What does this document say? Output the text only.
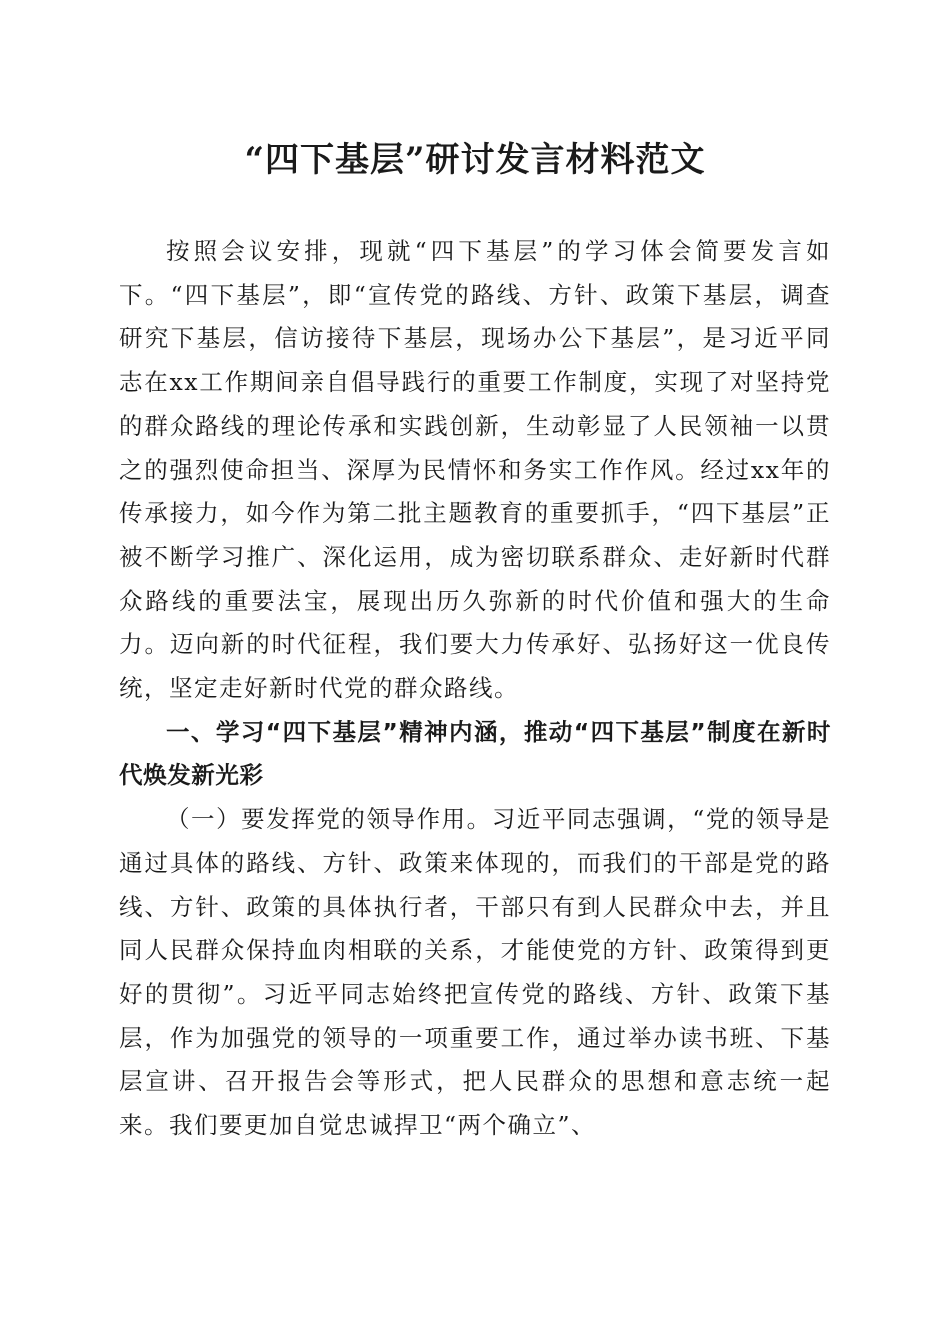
“四下基层”研讨发言材料范文

按照会议安排，现就“四下基层”的学习体会简要发言如下。“四下基层”，即“宣传党的路线、方针、政策下基层，调查研究下基层，信访接待下基层，现场办公下基层”，是习近平同志在xx工作期间亲自倡导践行的重要工作制度，实现了对坚持党的群众路线的理论传承和实践创新，生动彰显了人民领袖一以贯之的强烈使命担当、深厚为民情怀和务实工作作风。经过xx年的传承接力，如今作为第二批主题教育的重要抓手，“四下基层”正被不断学习推广、深化运用，成为密切联系群众、走好新时代群众路线的重要法宝，展现出历久弥新的时代价值和强大的生命力。迈向新的时代征程，我们要大力传承好、弘扬好这一优良传统，坚定走好新时代党的群众路线。

一、学习“四下基层”精神内涵，推动“四下基层”制度在新时代焕发新光彩

（一）要发挥党的领导作用。习近平同志强调，“党的领导是通过具体的路线、方针、政策来体现的，而我们的干部是党的路线、方针、政策的具体执行者，干部只有到人民群众中去，并且同人民群众保持血肉相联的关系，才能使党的方针、政策得到更好的贯彻”。习近平同志始终把宣传党的路线、方针、政策下基层，作为加强党的领导的一项重要工作，通过举办读书班、下基层宣讲、召开报告会等形式，把人民群众的思想和意志统一起来。我们要更加自觉忠诚捍卫“两个确立”、
